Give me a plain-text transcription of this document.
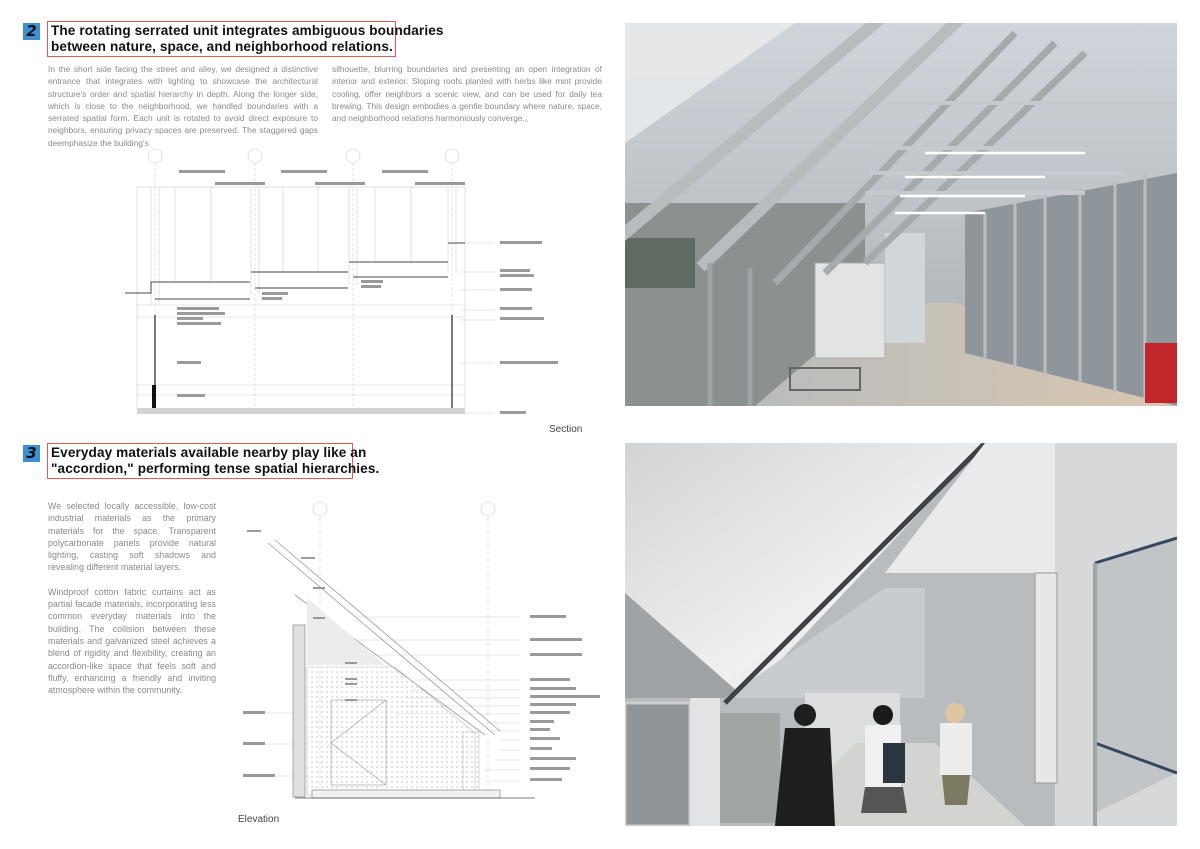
2 The rotating serrated unit integrates ambiguous boundaries
between nature, space, and neighborhood relations.
In the short side facing the street and alley, we designed a distinctive entrance that integrates with lighting to showcase the architectural structure's order and spatial hierarchy in depth. Along the longer side, which is close to the neighborhood, we handled boundaries with a serrated spatial form. Each unit is rotated to avoid direct exposure to neighbors, ensuring privacy spaces are preserved. The staggered gaps deemphasize the building's
silhouette, blurring boundaries and presenting an open integration of interior and exterior. Sloping roofs planted with herbs like mint provide cooling, offer neighbors a scenic view, and can be used for daily tea brewing. This design embodies a gentle boundary where nature, space, and neighborhood relations harmoniously converge.。
Section
3 Everyday materials available nearby play like an
"accordion," performing tense spatial hierarchies.

We selected locally accessible, low-cost industrial materials as the primary materials for the space. Transparent polycarbonate panels provide natural lighting, casting soft shadows and revealing different material layers.

Windproof cotton fabric curtains act as partial facade materials, incorporating less common everyday materials into the building. The collision between these materials and galvanized steel achieves a blend of rigidity and flexibility, creating an accordion-like space that feels soft and fluffy, enhancing a friendly and inviting atmosphere within the community.

Elevation
